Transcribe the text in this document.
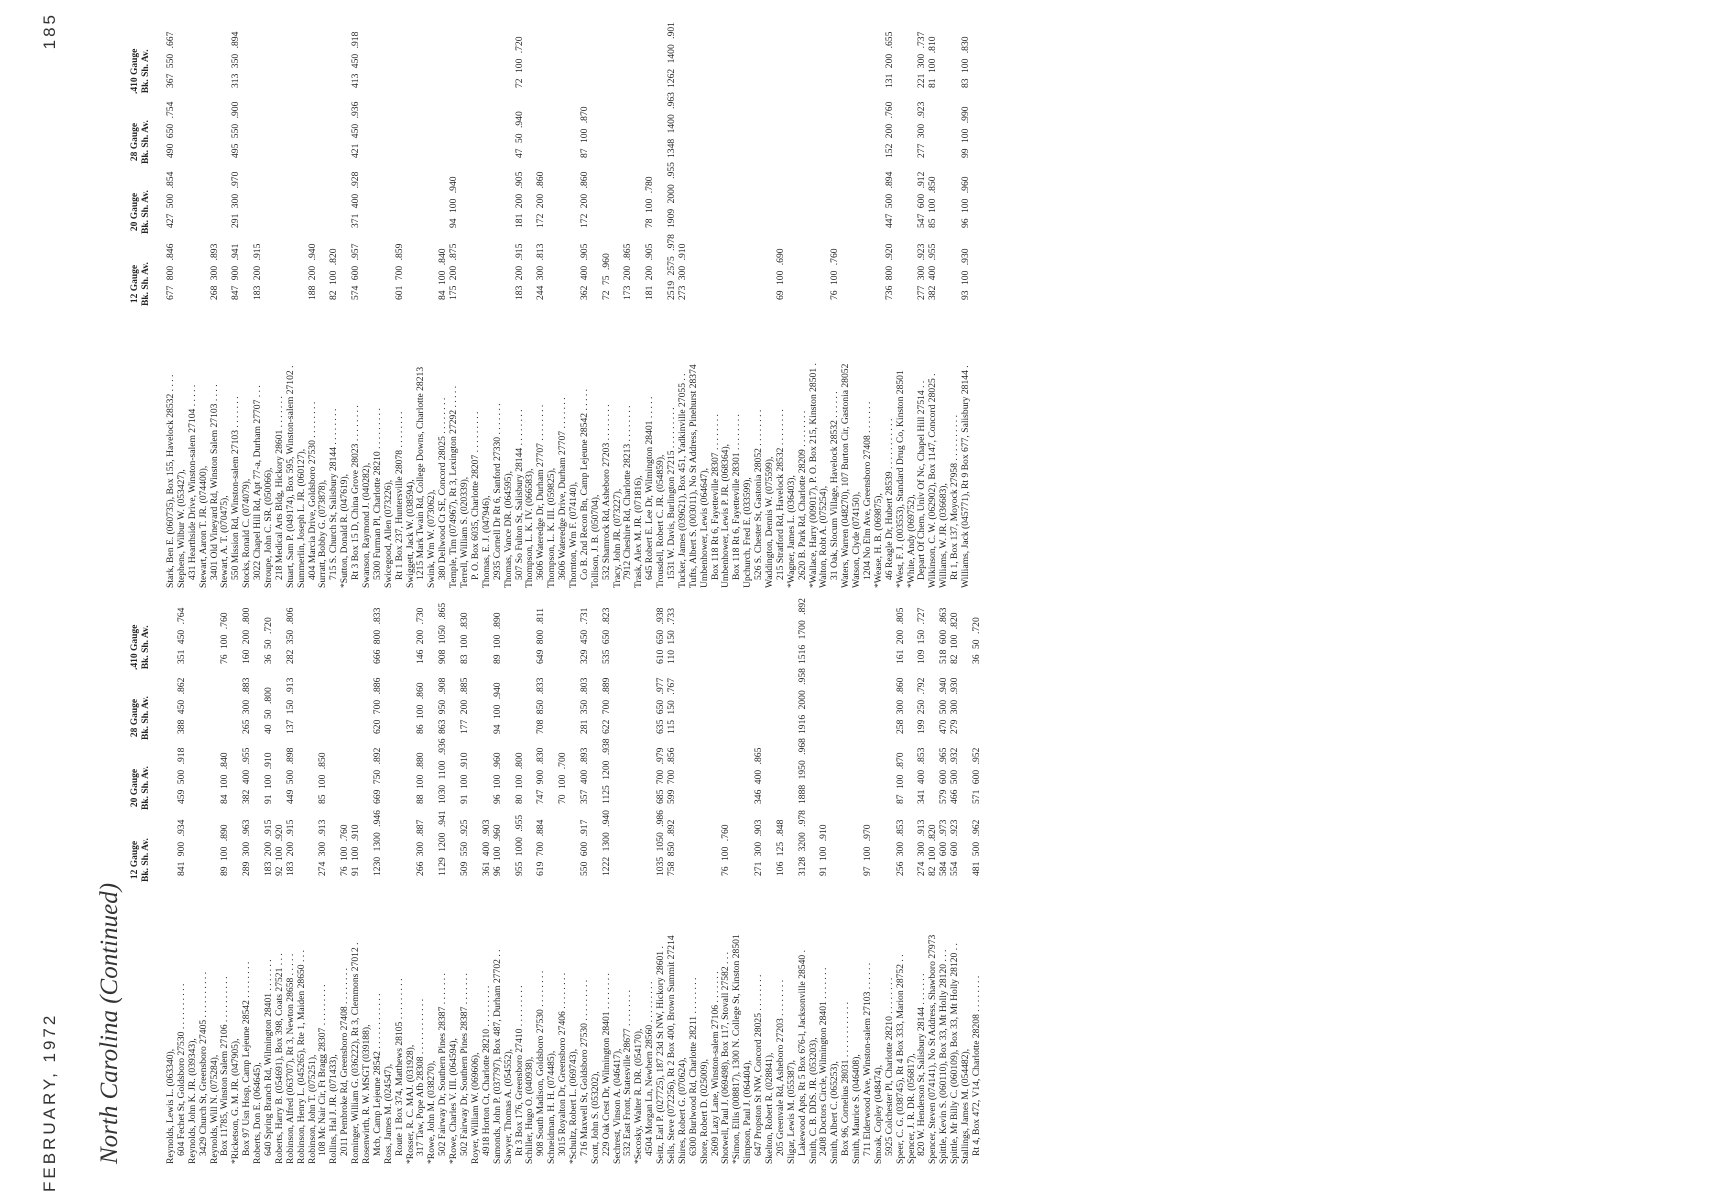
FEBRUARY, 1972
185
North Carolina (Continued)
12 Gauge Bk. Sh. Av.
20 Gauge Bk. Sh. Av.
28 Gauge Bk. Sh. Av.
.410 Gauge Bk. Sh. Av.
Reynolds, Lewis L. (063340), 604 Fechet St, Goldsboro 27530 . . . . . . . . . .
841 900 .934
459 500 .918
388 450 .862
351 450 .764
Reynolds, John K. JR. (039343), 3429 Church St, Greensboro 27405 . . . . . . . . . . Reynolds, Will N. (075284), Box 11785, Winston Salem 27106 . . . . . . . . . .
89 100 .890
84 100 .840
76 100 .760
*Ricketson, G. M. JR. (047905), Box 97 Usn Hosp, Camp Lejeune 28542 . . . . . . . .
289 300 .963
382 400 .955
265 300 .883
160 200 .800
Roberts, Don E. (064645), 640 Spring Branch Rd, Wilmington 28401 . . . . . . .
183 200 .915
91 100 .910
40 50 .800
36 50 .720
Roberts, Harry B. (054691), Box 398, Coats 27521 . . .
92 100 .920
Robinson, Alfred (063707), Rt 3, Newton 28658 . . . . .
183 200 .915
449 500 .898
137 150 .913
282 350 .806
Robinson, Henry L. (045265), Rte 1, Maiden 28650 . . . Robinson, John T. (075251), 108 Mc Nair Cir, Ft Bragg 28307 . . . . . . . . .
274 300 .913
85 100 .850
Rollins, Hal J. JR. (071433), 2011 Pembroke Rd, Greensboro 27408 . . . . . . . .
76 100 .760
Rominger, William G. (036222), Rt 3, Clemmons 27012 .
91 100 .910
Rosenwirth, R. W. MSGT (039188), Mcb, Camp Lejeune 28542 . . . . . . . . . . . .
1230 1300 .946
669 750 .892
620 700 .886
666 800 .833
Ross, James M. (024547), Route 1 Box 374, Matthews 28105 . . . . . . . . . *Rosser, R. C. MAJ. (031928), 317 Taw, Pope Afb 28308 . . . . . . . . . . . .
266 300 .887
88 100 .880
86 100 .860
146 200 .730
*Rowe, John M. (038270), 502 Fairway Dr, Southern Pines 28387 . . . . . . .
1129 1200 .941
1030 1100 .936
863 950 .908
908 1050 .865
*Rowe, Charles V. III. (064594), 502 Fairway Dr, Southern Pines 28387 . . . . . . .
509 550 .925
91 100 .910
177 200 .885
83 100 .830
Royer, William W. (069606), 4918 Horton Ct, Charlotte 28210 . . . . . . . . .
361 400 .903
Samonds, John P. (037797), Box 487, Durham 27702 . .
96 100 .960
96 100 .960
94 100 .940
89 100 .890
Sawyer, Thomas A. (054552), Rt 3 Box 176, Greensboro 27410 . . . . . . . . .
955 1000 .955
80 100 .800
Schiller, Hugo O. (040938), 908 South Madison, Goldsboro 27530 . . . . . . . .
619 700 .884
747 900 .830
708 850 .833
649 800 .811
Schneidman, H. H. (074485), 3015 Royalton Dr, Greensboro 27406 . . . . . . . .
70 100 .700
*Schultz, Robert L. (069743), 716 Maxwell St, Goldsboro 27530 . . . . . . . . .
550 600 .917
357 400 .893
281 350 .803
329 450 .731
Scott, John S. (053202), 229 Oak Crest Dr, Wilmington 28401 . . . . . . . .
1222 1300 .940
1125 1200 .938
622 700 .889
535 650 .823
Sechrest, Vinson A. (046417), 532 East Front, Statesville 28677 . . . . . . . . *Secosky, Walter R. DR. (054170), 4504 Morgan Ln, Newbern 28560 . . . . . . . . . Seitz, Earl P. (027725), 187 23d St NW, Hickory 28601 .
1035 1050 .986
685 700 .979
635 650 .977
610 650 .938
Sells, Steve (072256), Rt 2 Box 400, Brown Summit 27214
758 850 .892
599 700 .856
115 150 .767
110 150 .733
Shires, Robert G. (070624), 6300 Burlwood Rd, Charlotte 28211 . . . . . . . . Shore, Robert D. (025009), 2609 Lazy Lane, Winston-salem 27106 . . . . . . . Shotwell, Paul J. (069498), Box 117, Stovall 27582 . . .
76 100 .760
*Simon, Ellis (008817), 1300 N. College St, Kinston 28501 Simpson, Paul J. (064404), 647 Propston St NW, Concord 28025 . . . . . . . .
271 300 .903
346 400 .865
Skelton, Robert R. (028841), 205 Greenvale Rd, Asheboro 27203 . . . . . . . .
106 125 .848
Sligar, Lewis M. (055387), Lakewood Apts, Rt 5 Box 676-l, Jacksonville 28540 .
3128 3200 .978
1888 1950 .968
1916 2000 .958
1516 1700 .892
Smith, C. B. DDS. JR. (053203), 2408 Doctors Circle, Wilmington 28401 . . . . . . .
91 100 .910
Smith, Albert C. (065253), Box 96, Cornelius 28031 . . . . . . . . . . . . Smith, Maurice S. (046408), 711 Elderwood Ave, Winston-salem 27103 . . . . . .
97 100 .970
Smoak, Copley (048474), 5925 Colchester Pl, Charlotte 28210 . . . . . . . . Speer, C. G. (038745), Rt 4 Box 333, Marion 28752 . .
256 300 .853
87 100 .870
258 300 .860
161 200 .805
Spencer, J. R. DR. (056817), 820 W. Henderson St, Salisbury 28144 . . . . . . .
274 300 .913
341 400 .853
199 250 .792
109 150 .727
Spencer, Steven (074141), No St Address, Shawboro 27973
82 100 .820
Spittle, Kevin S. (060110), Box 33, Mt Holly 28120 . . .
584 600 .973
579 600 .965
470 500 .940
518 600 .863
Spittle, Mr Billy C. (060109), Box 33, Mt Holly 28120 . .
554 600 .923
466 500 .932
279 300 .930
82 100 .820
Stallings, James M. (054482), Rt 4, Box 472, V14, Charlotte 28208 . . . . . . . .
481 500 .962
571 600 .952
36 50 .720
12 Gauge Bk. Sh. Av.
20 Gauge Bk. Sh. Av.
28 Gauge Bk. Sh. Av.
.410 Gauge Bk. Sh. Av.
Stark, Ben E. (060735), Box 155, Havelock 28532 . . . .
677 800 .846
427 500 .854
490 650 .754
367 550 .667
Stephens, Wilbur W. (053427), 431 Hearthside Drive, Winston-salem 27104 . . . . . Stewart, Aaron T. JR. (074400), 3401 Old Vineyard Rd, Winston Salem 27103 . . . .
268 300 .893
Stewart, A. T. (070475), 550 Mission Rd, Winston-salem 27103 . . . . . . .
847 900 .941
291 300 .970
495 550 .900
313 350 .894
Stocks, Ronald C. (074079), 3022 Chapel Hill Rd, Apt 77-a, Durham 27707 . . .
183 200 .915
Stroupe, John C. SR. (050066), 218 Medical Arts Bldg, Hickory 28601 . . . . . . . Stuart, Sam P. (049174), Box 595, Winston-salem 27102 . Summerlin, Joseph L. JR. (060127), 404 Marcia Drive, Goldsboro 27530 . . . . . . . .
188 200 .940
Surratt, Bobby G. (073878), 715 S. Church St, Salisbury 28144 . . . . . . . .
82 100 .820
*Sutton, Donald R. (047619), Rt 3 Box 15 D, China Grove 28023 . . . . . . . .
574 600 .957
371 400 .928
421 450 .936
413 450 .918
Swanson, Raymond J. (040282), 5300 Furman Pl, Charlotte 28210 . . . . . . . . . Swicegood, Allen (073226), Rt 1 Box 237, Huntersville 28078 . . . . . . . .
601 700 .859
Swiggett, Jack W. (038594), 1215 Mark Twain Rd, College Downs, Charlotte 28213 Swink, Wm W. (073062), 380 Dellwood Ct SE, Concord 28025 . . . . . . . .
84 100 .840
Temple, Tim (074967), Rt 3, Lexington 27292 . . . . .
175 200 .875
94 100 .940
Terrell, William S. (020339), P. O. Box 6035, Charlotte 28207 . . . . . . . . . Thomas, E. J. (047946), 2935 Cornell Dr Rt 6, Sanford 27330 . . . . . . . Thomas, Vance DR. (064595), 507 So Fulton St, Salisbury 28144 . . . . . . . .
183 200 .915
181 200 .905
47 50 .940
72 100 .720
Thompson, L. K. IV. (066583), 3606 Wateredge Dr, Durham 27707 . . . . . . . .
244 300 .813
172 200 .860
Thompson, L. K. III. (059825), 3606 Wateredge Drive, Durham 27707 . . . . . . . Thornton, Wm F. (074140), Co B. 2nd Recon Bn, Camp Lejeune 28542 . . . . .
362 400 .905
172 200 .860
87 100 .870
Tollison, J. B. (050704), 532 Shamrock Rd, Asheboro 27203 . . . . . . . .
72 75 .960
Tracy, John JR. (073227), 7912 Cheshire Rd, Charlotte 28213 . . . . . . . .
173 200 .865
Trask, Alex M. JR. (071816), 645 Robert E. Lee Dr, Wilmington 28401 . . . . .
181 200 .905
78 100 .780
Trousdell, Robert C. JR. (054859), 1531 W. Davis, Burlington 27215 . . . . . . . . .
2519 2575 .978
1909 2000 .955
1348 1400 .963
1262 1400 .901
Tucker, James (039621), Box 451, Yadkinville 27055 . .
273 300 .910
Tufts, Albert S. (003011), No St Address, Pinehurst 28374 Umbenhower, Lewis (064647), Box 118 Rt 6, Fayetteville 28307 . . . . . . . . Umbenhower, Lewis P. JR. (068364), Box 118 Rt 6, Fayetteville 28301 . . . . . . . . Upchurch, Fred E. (033599), 526 S. Chester St, Gastonia 28052 . . . . . . . . Waddington, Dennis W. (075599), 215 Stratford Rd, Havelock 28532 . . . . . . . .
69 100 .690
*Wagner, James L. (036403), 2620 B. Park Rd, Charlotte 28209 . . . . . . . . *Wallace, Harry (009017), P. O. Box 215, Kinston 28501 . Walton, Robt A. (075254), 31 Oak, Slocum Village, Havelock 28532 . . . . . .
76 100 .760
Waters, Warren (048270), 107 Burton Cir, Gastonia 28052 Watson, Clyde (074150), 1204 No Elm Ave, Greensboro 27408 . . . . . . . *Wease, H. B. (069875), 46 Reagle Dr, Hubert 28539 . . . . . . . . . . .
736 800 .920
447 500 .894
152 200 .760
131 200 .655
*West, F. J. (003553), Standard Drug Co, Kinston 28501 *White, Andy (069752), Depart Of Chem, Univ Of Nc, Chapel Hill 27514 . .
277 300 .923
547 600 .912
277 300 .923
221 300 .737
Wilkinson, C. W. (062902), Box 1147, Concord 28025 .
382 400 .955
85 100 .850
81 100 .810
Williams, W. JR. (036683), Rt 1, Box 137, Moyock 27958 . . . . . . . . . . Williams, Jack (045771), Rt 9 Box 677, Salisbury 28144 .
93 100 .930
96 100 .960
99 100 .990
83 100 .830
